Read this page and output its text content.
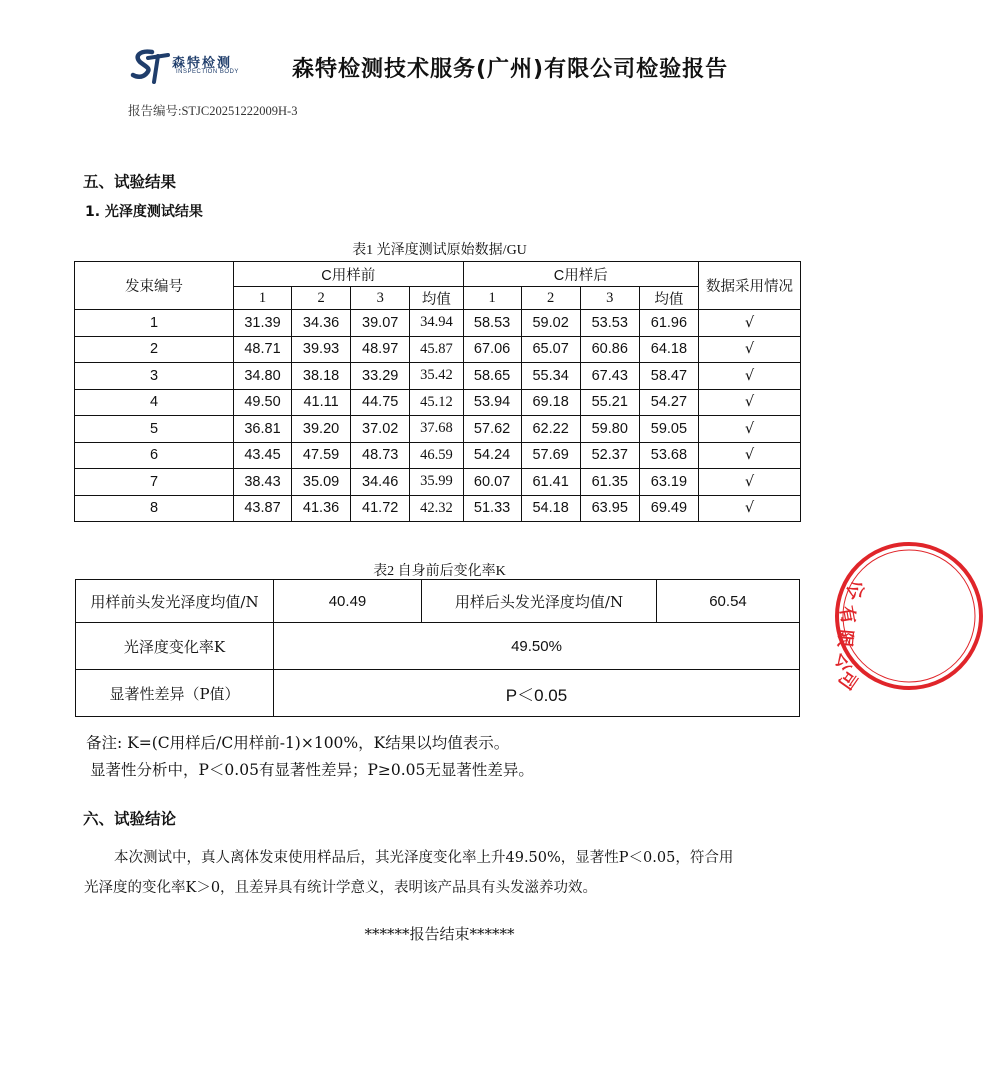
森特检测
INSPECTION BODY 森特检测技术服务(广州)有限公司检验报告
报告编号:STJC20251222009H-3
五、试验结果
1. 光泽度测试结果
表1 光泽度测试原始数据/GU
发束编号	C用样前				C用样后				数据采用情况
	1	2	3	均值	1	2	3	均值	
1	31.39	34.36	39.07	34.94	58.53	59.02	53.53	61.96	√
2	48.71	39.93	48.97	45.87	67.06	65.07	60.86	64.18	√
3	34.80	38.18	33.29	35.42	58.65	55.34	67.43	58.47	√
4	49.50	41.11	44.75	45.12	53.94	69.18	55.21	54.27	√
5	36.81	39.20	37.02	37.68	57.62	62.22	59.80	59.05	√
6	43.45	47.59	48.73	46.59	54.24	57.69	52.37	53.68	√
7	38.43	35.09	34.46	35.99	60.07	61.41	61.35	63.19	√
8	43.87	41.36	41.72	42.32	51.33	54.18	63.95	69.49	√
表2 自身前后变化率K
用样前头发光泽度均值/N	40.49	用样后头发光泽度均值/N	60.54
光泽度变化率K	49.50%		
显著性差异（P值）	P＜0.05		
备注: K=(C用样后/C用样前-1)×100%，K结果以均值表示。
显著性分析中，P＜0.05有显著性差异；P≥0.05无显著性差异。
六、试验结论
本次测试中，真人离体发束使用样品后，其光泽度变化率上升49.50%，显著性P＜0.05，符合用
光泽度的变化率K＞0，且差异具有统计学意义，表明该产品具有头发滋养功效。
******报告结束******
公
有
限
公
司
